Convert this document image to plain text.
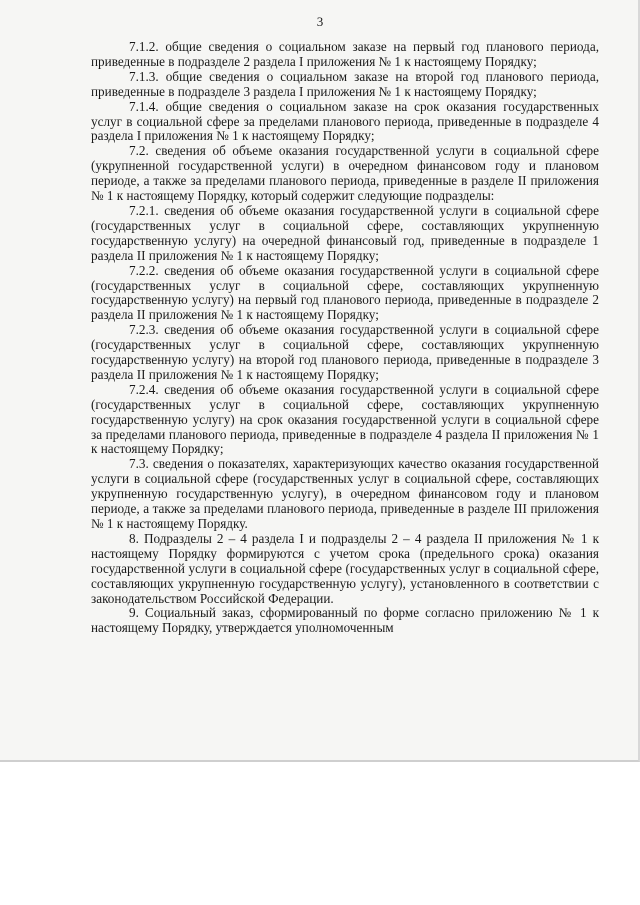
3

7.1.2. общие сведения о социальном заказе на первый год планового периода, приведенные в подразделе 2 раздела I приложения № 1 к настоящему Порядку;

7.1.3. общие сведения о социальном заказе на второй год планового периода, приведенные в подразделе 3 раздела I приложения № 1 к настоящему Порядку;

7.1.4. общие сведения о социальном заказе на срок оказания государственных услуг в социальной сфере за пределами планового периода, приведенные в подразделе 4 раздела I приложения № 1 к настоящему Порядку;

7.2. сведения об объеме оказания государственной услуги в социальной сфере (укрупненной государственной услуги) в очередном финансовом году и плановом периоде, а также за пределами планового периода, приведенные в разделе II приложения № 1 к настоящему Порядку, который содержит следующие подразделы:

7.2.1. сведения об объеме оказания государственной услуги в социальной сфере (государственных услуг в социальной сфере, составляющих укрупненную государственную услугу) на очередной финансовый год, приведенные в подразделе 1 раздела II приложения № 1 к настоящему Порядку;

7.2.2. сведения об объеме оказания государственной услуги в социальной сфере (государственных услуг в социальной сфере, составляющих укрупненную государственную услугу) на первый год планового периода, приведенные в подразделе 2 раздела II приложения № 1 к настоящему Порядку;

7.2.3. сведения об объеме оказания государственной услуги в социальной сфере (государственных услуг в социальной сфере, составляющих укрупненную государственную услугу) на второй год планового периода, приведенные в подразделе 3 раздела II приложения № 1 к настоящему Порядку;

7.2.4. сведения об объеме оказания государственной услуги в социальной сфере (государственных услуг в социальной сфере, составляющих укрупненную государственную услугу) на срок оказания государственной услуги в социальной сфере за пределами планового периода, приведенные в подразделе 4 раздела II приложения № 1 к настоящему Порядку;

7.3. сведения о показателях, характеризующих качество оказания государственной услуги в социальной сфере (государственных услуг в социальной сфере, составляющих укрупненную государственную услугу), в очередном финансовом году и плановом периоде, а также за пределами планового периода, приведенные в разделе III приложения № 1 к настоящему Порядку.

8. Подразделы 2 – 4 раздела I и подразделы 2 – 4 раздела II приложения № 1 к настоящему Порядку формируются с учетом срока (предельного срока) оказания государственной услуги в социальной сфере (государственных услуг в социальной сфере, составляющих укрупненную государственную услугу), установленного в соответствии с законодательством Российской Федерации.

9. Социальный заказ, сформированный по форме согласно приложению № 1 к настоящему Порядку, утверждается уполномоченным
